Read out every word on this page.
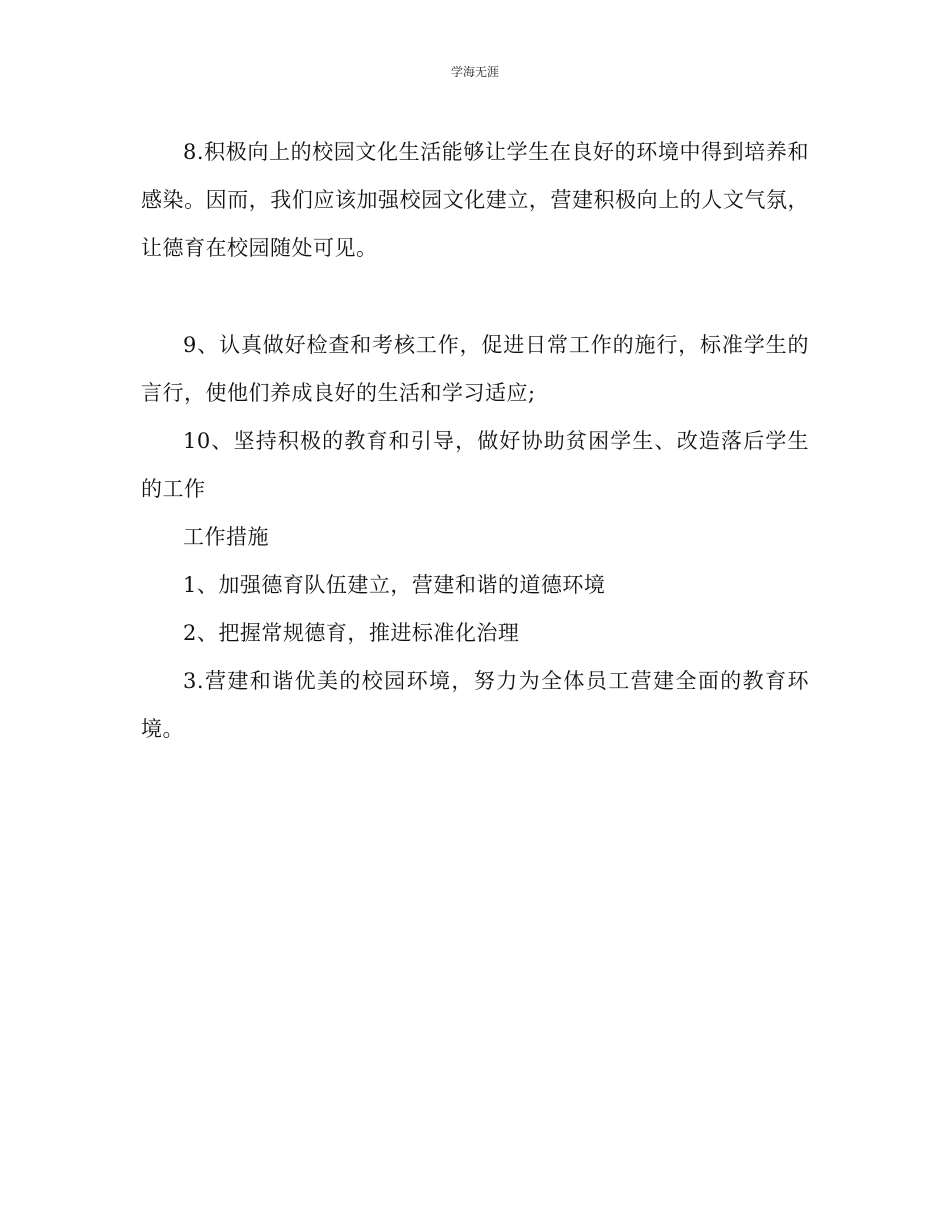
学海无涯

8.积极向上的校园文化生活能够让学生在良好的环境中得到培养和感染。因而，我们应该加强校园文化建立，营建积极向上的人文气氛，让德育在校园随处可见。

9、认真做好检查和考核工作，促进日常工作的施行，标准学生的言行，使他们养成良好的生活和学习适应;

10、坚持积极的教育和引导，做好协助贫困学生、改造落后学生的工作

工作措施

1、加强德育队伍建立，营建和谐的道德环境

2、把握常规德育，推进标准化治理

3.营建和谐优美的校园环境，努力为全体员工营建全面的教育环境。
